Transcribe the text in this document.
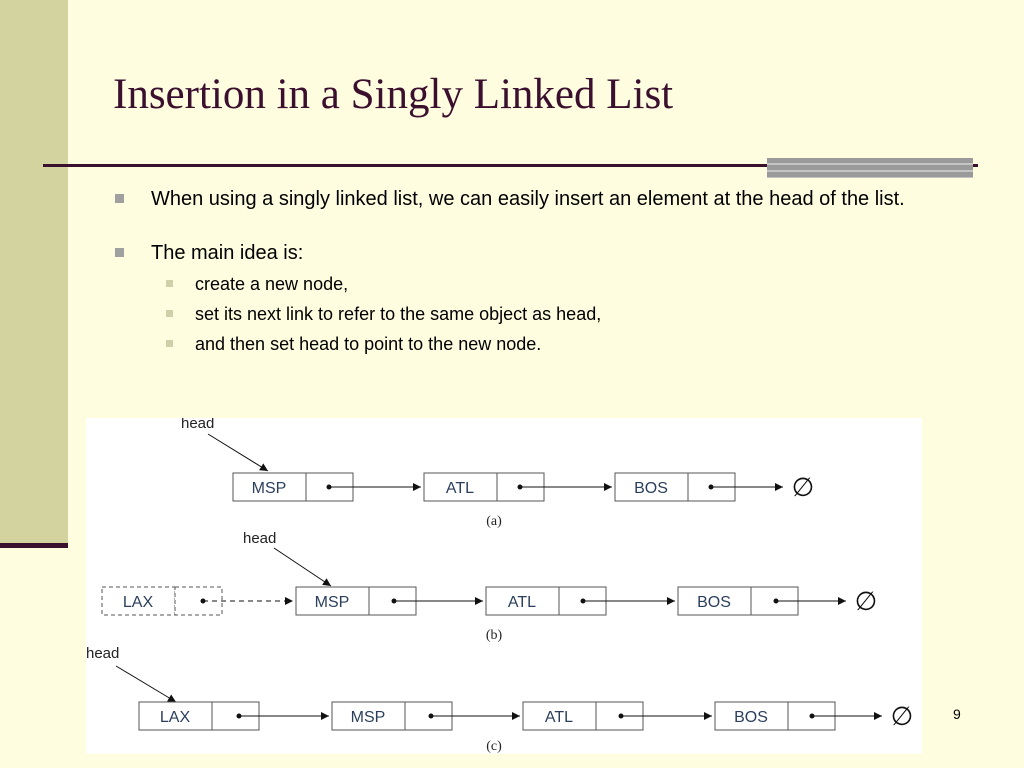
Insertion in a Singly Linked List
When using a singly linked list, we can easily insert an element at the head of the list.
The main idea is:
create a new node,
set its next link to refer to the same object as head,
and then set head to point to the new node.
head
MSP	ATL	BOS	∅
(a)
head
LAX	MSP	ATL	BOS	∅
(b)
head
LAX	MSP	ATL	BOS	∅
(c)
9
